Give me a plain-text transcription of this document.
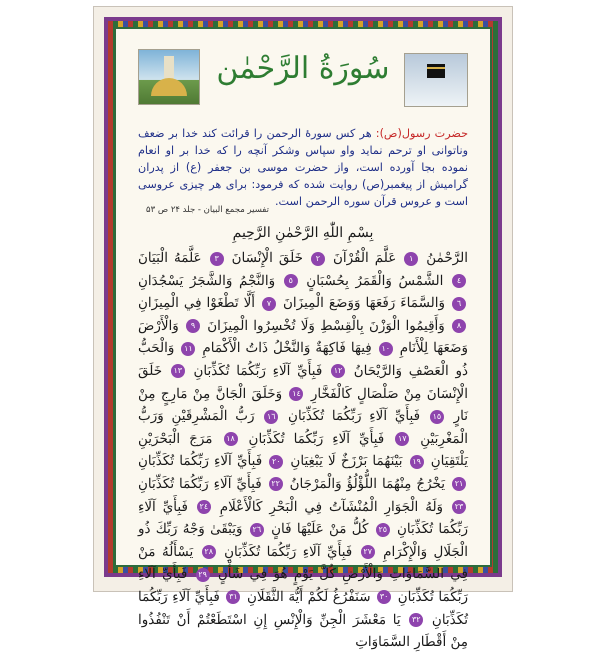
سُورَةُ الرَّحْمٰن
حضرت رسول(ص): هر کس سورهٔ الرحمن را قرائت کند خدا بر ضعف وناتوانی او ترحم نماید واو سپاس وشکر آنچه را که خدا بر او انعام نموده بجا آورده است، واز حضرت موسی بن جعفر (ع) از پدران گرامیش از پیغمبر(ص) روایت شده که فرمود: برای هر چیزی عروسی است و عروس قرآن سوره الرحمن است.
تفسیر مجمع البیان - جلد ۲۴ ص ۵۳
بِسْمِ اللّٰهِ الرَّحْمٰنِ الرَّحِيمِ
الرَّحْمٰنُ ١ عَلَّمَ الْقُرْآنَ ٢ خَلَقَ الْإِنْسَانَ ٣ عَلَّمَهُ الْبَيَانَ ٤ الشَّمْسُ وَالْقَمَرُ بِحُسْبَانٍ ٥ وَالنَّجْمُ وَالشَّجَرُ يَسْجُدَانِ ٦ وَالسَّمَاءَ رَفَعَهَا وَوَضَعَ الْمِيزَانَ ٧ أَلَّا تَطْغَوْا فِي الْمِيزَانِ ٨ وَأَقِيمُوا الْوَزْنَ بِالْقِسْطِ وَلَا تُخْسِرُوا الْمِيزَانَ ٩ وَالْأَرْضَ وَضَعَهَا لِلْأَنَامِ ١٠ فِيهَا فَاكِهَةٌ وَالنَّخْلُ ذَاتُ الْأَكْمَامِ ١١ وَالْحَبُّ ذُو الْعَصْفِ وَالرَّيْحَانُ ١٢ فَبِأَيِّ آلَاءِ رَبِّكُمَا تُكَذِّبَانِ ١٣ خَلَقَ الْإِنْسَانَ مِنْ صَلْصَالٍ كَالْفَخَّارِ ١٤ وَخَلَقَ الْجَانَّ مِنْ مَارِجٍ مِنْ نَارٍ ١٥ فَبِأَيِّ آلَاءِ رَبِّكُمَا تُكَذِّبَانِ ١٦ رَبُّ الْمَشْرِقَيْنِ وَرَبُّ الْمَغْرِبَيْنِ ١٧ فَبِأَيِّ آلَاءِ رَبِّكُمَا تُكَذِّبَانِ ١٨ مَرَجَ الْبَحْرَيْنِ يَلْتَقِيَانِ ١٩ بَيْنَهُمَا بَرْزَخٌ لَا يَبْغِيَانِ ٢٠ فَبِأَيِّ آلَاءِ رَبِّكُمَا تُكَذِّبَانِ ٢١ يَخْرُجُ مِنْهُمَا اللُّؤْلُؤُ وَالْمَرْجَانُ ٢٢ فَبِأَيِّ آلَاءِ رَبِّكُمَا تُكَذِّبَانِ ٢٣ وَلَهُ الْجَوَارِ الْمُنْشَآتُ فِي الْبَحْرِ كَالْأَعْلَامِ ٢٤ فَبِأَيِّ آلَاءِ رَبِّكُمَا تُكَذِّبَانِ ٢٥ كُلُّ مَنْ عَلَيْهَا فَانٍ ٢٦ وَيَبْقَىٰ وَجْهُ رَبِّكَ ذُو الْجَلَالِ وَالْإِكْرَامِ ٢٧ فَبِأَيِّ آلَاءِ رَبِّكُمَا تُكَذِّبَانِ ٢٨ يَسْأَلُهُ مَنْ فِي السَّمَاوَاتِ وَالْأَرْضِ كُلَّ يَوْمٍ هُوَ فِي شَأْنٍ ٢٩ فَبِأَيِّ آلَاءِ رَبِّكُمَا تُكَذِّبَانِ ٣٠ سَنَفْرُغُ لَكُمْ أَيُّهَ الثَّقَلَانِ ٣١ فَبِأَيِّ آلَاءِ رَبِّكُمَا تُكَذِّبَانِ ٣٢ يَا مَعْشَرَ الْجِنِّ وَالْإِنْسِ إِنِ اسْتَطَعْتُمْ أَنْ تَنْفُذُوا مِنْ أَقْطَارِ السَّمَاوَاتِ
